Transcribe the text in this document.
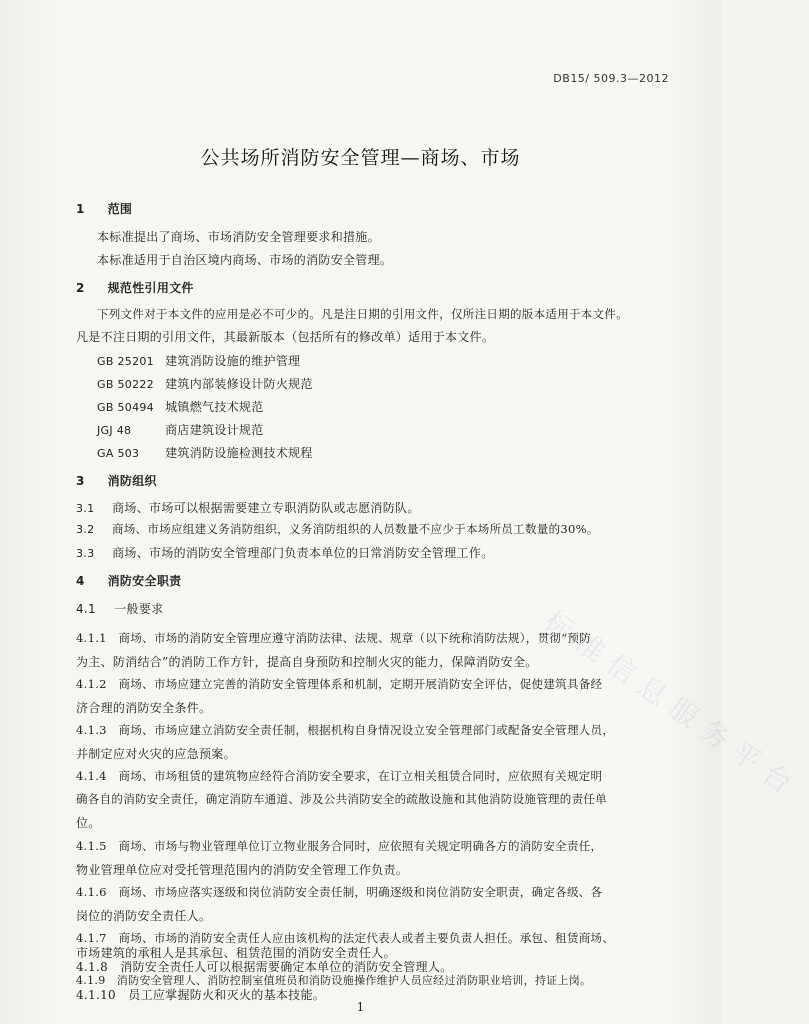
DB15/ 509.3—2012
公共场所消防安全管理—商场、市场
1 范围
本标准提出了商场、市场消防安全管理要求和措施。
本标准适用于自治区境内商场、市场的消防安全管理。
2 规范性引用文件
下列文件对于本文件的应用是必不可少的。凡是注日期的引用文件，仅所注日期的版本适用于本文件。
凡是不注日期的引用文件，其最新版本（包括所有的修改单）适用于本文件。
GB 25201 建筑消防设施的维护管理
GB 50222 建筑内部装修设计防火规范
GB 50494 城镇燃气技术规范
JGJ 48	商店建筑设计规范
GA 503 建筑消防设施检测技术规程
3 消防组织
3.1 商场、市场可以根据需要建立专职消防队或志愿消防队。
3.2 商场、市场应组建义务消防组织，义务消防组织的人员数量不应少于本场所员工数量的30%。
3.3 商场、市场的消防安全管理部门负责本单位的日常消防安全管理工作。
4 消防安全职责
4.1 一般要求
4.1.1　商场、市场的消防安全管理应遵守消防法律、法规、规章（以下统称消防法规），贯彻“预防
为主、防消结合”的消防工作方针，提高自身预防和控制火灾的能力，保障消防安全。
4.1.2　商场、市场应建立完善的消防安全管理体系和机制，定期开展消防安全评估，促使建筑具备经
济合理的消防安全条件。
4.1.3　商场、市场应建立消防安全责任制，根据机构自身情况设立安全管理部门或配备安全管理人员，
并制定应对火灾的应急预案。
4.1.4　商场、市场租赁的建筑物应经符合消防安全要求，在订立相关租赁合同时，应依照有关规定明
确各自的消防安全责任，确定消防车通道、涉及公共消防安全的疏散设施和其他消防设施管理的责任单
位。
4.1.5　商场、市场与物业管理单位订立物业服务合同时，应依照有关规定明确各方的消防安全责任，
物业管理单位应对受托管理范围内的消防安全管理工作负责。
4.1.6　商场、市场应落实逐级和岗位消防安全责任制，明确逐级和岗位消防安全职责，确定各级、各
岗位的消防安全责任人。
1
标准信息服务平台
4.1.7　商场、市场的消防安全责任人应由该机构的法定代表人或者主要负责人担任。承包、租赁商场、
市场建筑的承租人是其承包、租赁范围的消防安全责任人。
4.1.8　消防安全责任人可以根据需要确定本单位的消防安全管理人。
4.1.9　消防安全管理人、消防控制室值班员和消防设施操作维护人员应经过消防职业培训，持证上岗。
4.1.10　员工应掌握防火和灭火的基本技能。
